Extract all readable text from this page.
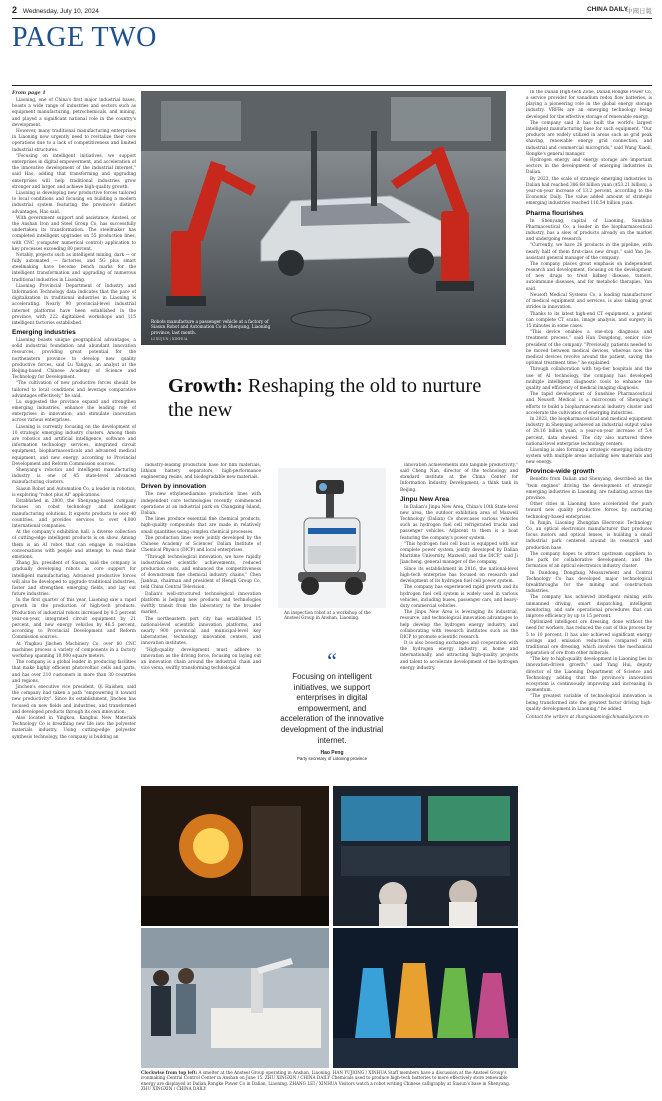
2 Wednesday, July 10, 2024	CHINA DAILY
中國日報
PAGE TWO

From page 1

Liaoning, one of China's first major industrial bases, boasts a wide range of industries and sectors such as equipment manufacturing, petrochemicals, and mining, and played a significant national role in the country's development.

However, many traditional manufacturing enterprises in Liaoning now urgently need to revitalize their core operations due to a lack of competitiveness and limited industrial structures.

"Focusing on intelligent initiatives, we support enterprises in digital empowerment, and acceleration of the innovative development of the industrial internet," said Hao, adding that transforming and upgrading enterprises will help traditional industries grow stronger and larger, and achieve high-quality growth.

Liaoning is developing new productive forces tailored to local conditions and focusing on building a modern industrial system featuring the province's distinct advantages, Hao said.

With government support and assistance, Ansteel, or the Anshan Iron and Steel Group Co, has successfully undertaken its transformation. The steelmaker has completed intelligent upgrades on 55 production lines, with CNC (computer numerical control) application to key processes exceeding 80 percent.

Notably, projects such as intelligent mining, dark — or fully automated — factories, and 5G plus smart steelmaking have become bench marks for the intelligent transformation and upgrading of numerous traditional industries in Liaoning.

Liaoning Provincial Department of Industry and Information Technology data indicates that the pace of digitalization in traditional industries in Liaoning is accelerating. Nearly 90 provincial-level industrial internet platforms have been established in the province, with 222 digitalized workshops and 115 intelligent factories established.

Emerging industries

Liaoning boasts unique geographical advantages, a solid industrial foundation and abundant innovation resources, providing great potential for the northeastern province to develop new quality productive forces, said Lu Yangyu, an analyst at the Beijing-based Chinese Academy of Science and Technology for Development.

"The cultivation of new productive forces should be tailored to local conditions and leverage comparative advantages effectively," he said.

Lu suggested the province expand and strengthen emerging industries, enhance the leading role of enterprises in innovation, and stimulate innovation across various enterprises.

Liaoning is currently focusing on the development of 10 strategic emerging industry clusters. Among them are robotics and artificial intelligence, software and information technology services, integrated circuit equipment, biopharmaceuticals and advanced medical equipment, and new energy, according to Provincial Development and Reform Commission sources.

Shenyang's robotics and intelligent manufacturing industry is one of 45 state-level advanced manufacturing clusters.

Siasun Robot and Automation Co, a leader in robotics, is exploring "robot plus AI" applications.

Established in 2000, the Shenyang-based company focuses on robot technology and intelligent manufacturing solutions. It exports products to over 40 countries, and provides services to over 4,000 international companies.

At the company's exhibition hall, a diverse collection of cutting-edge intelligent products is on show. Among them is an AI robot that can engage in real-time conversations with people and attempt to read their emotions.

Zhang Jin, president of Siasun, said the company is gradually developing robots as core support for intelligent manufacturing. Advanced productive forces will also be developed to upgrade traditional industries, foster and strengthen emerging fields, and lay out future industries.

In the first quarter of this year, Liaoning saw a rapid growth in the production of high-tech products. Production of industrial robots increased by 8.5 percent year-on-year, integrated circuit equipment by 21 percent, and new energy vehicles by 46.5 percent, according to Provincial Development and Reform Commission sources.

At Yingkou Jinchen Machinery Co, over 60 CNC machines process a variety of components in a factory workshop spanning 10,000 square meters.

The company is a global leader in producing facilities that make highly efficient photovoltaic cells and parts, and has over 210 customers in more than 30 countries and regions.

Jinchen's executive vice president, Qi Haishen, said the company had taken a path "empowering it toward new productivity". Since its establishment, Jinchen has focused on new fields and industries, and transformed and developed products through its own innovation.

Also located in Yingkou, Kanghui New Materials Technology Co is breathing new life into the polyester materials industry. Using cutting-edge polyester synthesis technology, the company is building an

Robots manufacture a passenger vehicle at a factory of Siasun Robot and Automation Co in Shenyang, Liaoning province, last month.
LI XUJUN / XINHUA
Growth: Reshaping the old to nurture the new

industry-leading production base for film materials, lithium battery separators, high-performance engineering resins, and biodegradable new materials.

Driven by innovation

The new ethylenediamine production lines with independent core technologies recently commenced operations at an industrial park on Changxing Island, Dalian.

The lines produce essential fine chemical products, high-quality compounds that are made in relatively small quantities using complex chemical processes.

The production lines were jointly developed by the Chinese Academy of Sciences' Dalian Institute of Chemical Physics (DICP) and local enterprises.

"Through technological innovation, we have rapidly industrialized scientific achievements, reduced production costs, and enhanced the competitiveness of downstream fine chemical industry chains," Chen Jianhua, chairman and president of Hengli Group Co, told China Central Television.

Dalian's well-structured technological innovation platform is helping new products and technologies swiftly transit from the laboratory to the broader market.

The northeastern port city has established 15 national-level scientific innovation platforms, and nearly 900 provincial and municipal-level key laboratories, technology innovation centers, and innovation institutes.

"High-quality development must adhere to innovation as the driving force, focusing on laying out an innovation chain around the industrial chain and vice versa, swiftly transforming technological

An inspection robot at a workshop of the Ansteel Group in Anshan, Liaoning.
“
Focusing on intelligent initiatives, we support enterprises in digital empowerment, and acceleration of the innovative development of the industrial internet.
Hao Peng
Party secretary of Liaoning province

innovation achievements into tangible productivity," said Cheng Nan, director of the technology and standard institute at the China Center for Information Industry Development, a think tank in Beijing.

Jinpu New Area

In Dalian's Jinpu New Area, China's 10th State-level new area, the outdoor exhibition area of Maxwell Technology (Dalian) Co showcases various vehicles such as hydrogen fuel cell refrigerated trucks and passenger vehicles. Adjacent to them is a boat featuring the company's power system.

"This hydrogen fuel cell boat is equipped with our complete power system, jointly developed by Dalian Maritime University, Maxwell, and the DICP," said Ji Jiancheng, general manager of the company.

Since its establishment in 2016, the national-level high-tech enterprise has focused on research and development of its hydrogen fuel cell power system.

The company has experienced rapid growth and its hydrogen fuel cell system is widely used in various vehicles, including buses, passenger cars, and heavy-duty commercial vehicles.

The Jinpu New Area is leveraging its industrial, resource, and technological innovation advantages to help develop the hydrogen energy industry, and collaborating with research institutes such as the DICP to promote scientific research.

It is also boosting exchanges and cooperation with the hydrogen energy industry at home and internationally, and attracting high-quality projects and talent to accelerate development of the hydrogen energy industry.

Clockwise from top left: A smelter at the Ansteel Group operating in Anshan, Liaoning. HAN YUJIONG / XINHUA Staff members have a discussion at the Ansteel Group's ironmaking Central Control Center in Anshan on June 15. ZHU XINGXIN / CHINA DAILY Chemicals used to produce high-tech batteries to more effectively store renewable energy are displayed at Dalian Rongke Power Co in Dalian, Liaoning. ZHANG LEI / XINHUA Visitors watch a robot writing Chinese calligraphy at Siasun's base in Shenyang. ZHU XINGXIN / CHINA DAILY

In the Dalian High-tech Zone, Dalian Rongke Power Co, a service provider for vanadium redox flow batteries, is playing a pioneering role in the global energy storage industry. VRFBs are an emerging technology being developed for the effective storage of renewable energy.

The company said it has built the world's largest intelligent manufacturing base for such equipment. "Our products are widely utilized in areas such as grid peak shaving, renewable energy grid connection, and industrial and commercial microgrids," said Wang Xiaoli, Rongke's general manager.

Hydrogen energy and energy storage are important sectors in the development of emerging industries in Dalian.

By 2023, the scale of strategic emerging industries in Dalian had reached 386.68 billion yuan ($53.21 billion), a year-on-year increase of 13.2 percent, according to the Economic Daily. The value added amount of strategic emerging industries reached 116.54 billion yuan.

Pharma flourishes

In Shenyang, capital of Liaoning, Sunshine Pharmaceutical Co, a leader in the biopharmaceutical industry, has a slew of products already on the market and undergoing research.

"Currently, we have 26 products in the pipeline, with nearly half of them first-class new drugs," said Yan Jie, assistant general manager of the company.

The company places great emphasis on independent research and development, focusing on the development of new drugs to treat kidney disease, tumors, autoimmune diseases, and for metabolic therapies, Yan said.

Neusoft Medical Systems Co, a leading manufacturer of medical equipment and services, is also taking great strides in innovation.

Thanks to its latest high-end CT equipment, a patient can complete CT scans, image analysis, and surgery in 15 minutes in some cases.

"This device enables a one-stop diagnosis and treatment process," said Han Dongdong, senior vice-president of the company. "Previously, patients needed to be moved between medical devices, whereas now the medical devices revolve around the patient, saving the optimal treatment time," he explained.

Through collaboration with top-tier hospitals and the use of AI technology, the company has developed multiple intelligent diagnostic tools to enhance the quality and efficiency of medical imaging diagnosis.

The rapid development of Sunshine Pharmaceutical and Neusoft Medical is a microcosm of Shenyang's efforts to build a biopharmaceutical industry cluster and accelerate the cultivation of emerging industries.

In 2023, the biopharmaceutical and medical equipment industry in Shenyang achieved an industrial output value of 28.16 billion yuan, a year-on-year increase of 5.4 percent, data showed. The city also nurtured three national-level enterprise technology centers.

Liaoning is also forming a strategic emerging industry system with multiple areas including new materials and new energy.

Province-wide growth

Benefits from Dalian and Shenyang, described as the "twin engines" driving the development of strategic emerging industries in Liaoning, are radiating across the province.

Other cities in Liaoning have accelerated the push toward new quality productive forces by nurturing technology-based enterprises.

In Panjin, Liaoning Zhongdan Electronic Technology Co, an optical electronics manufacturer that produces focus motors and optical lenses, is building a small industrial park centered around its research and production base.

The company hopes to attract upstream suppliers to the park for collaborative development, and the formation of an optical electronics industry cluster.

In Dandong, Dongfang Measurement and Control Technology Co has developed major technological breakthroughs for the mining and construction industries.

The company has achieved intelligent mining with unmanned driving, smart dispatching, intelligent monitoring, and safe operational procedures that can improve efficiency by up to 15 percent.

Optimized intelligent ore dressing, done without the need for workers, has reduced the cost of this process by 5 to 10 percent. It has also achieved significant energy savings and emission reductions compared with traditional ore dressing, which involves the mechanical separation of ore from other minerals.

"The key to high-quality development in Liaoning lies in innovation-driven growth," said Yang Hui, deputy director of the Liaoning Department of Science and Technology, adding that the province's innovation ecosystem is continuously improving and increasing in momentum.

"The greatest variable of technological innovation is being transformed into the greatest factor driving high-quality development in Liaoning," he added.

Contact the writers at zhangxiaomin@chinadaily.com.cn
